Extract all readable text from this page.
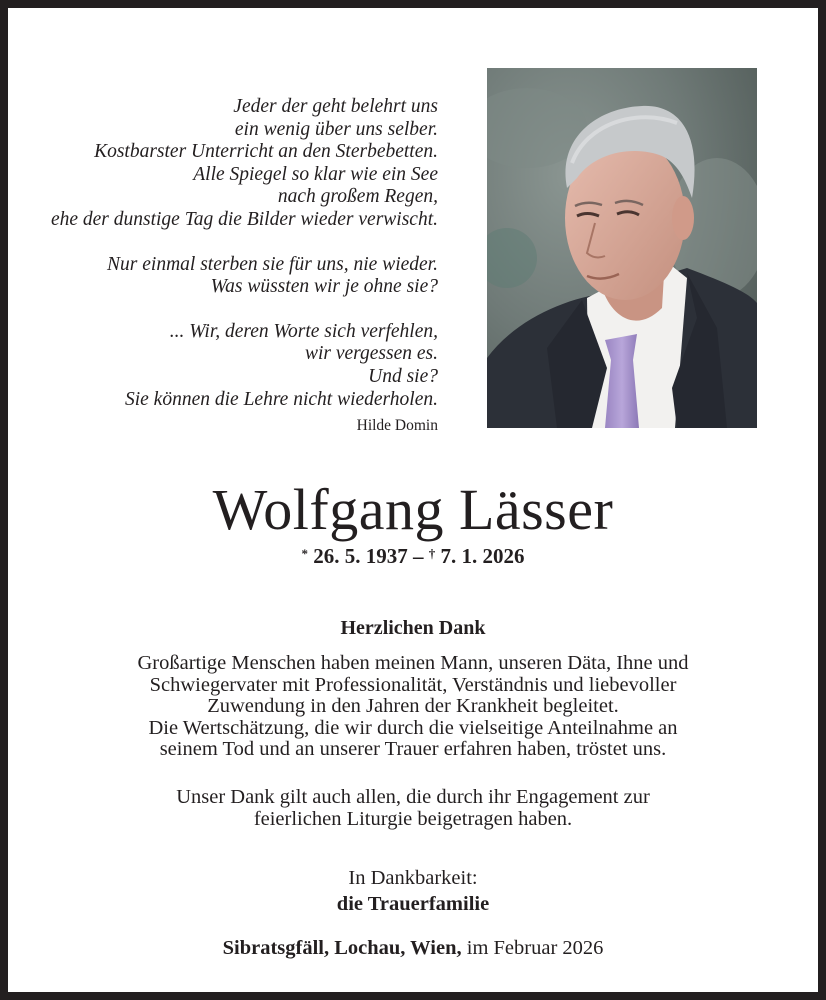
Jeder der geht belehrt uns
ein wenig über uns selber.
Kostbarster Unterricht an den Sterbebetten.
Alle Spiegel so klar wie ein See
nach großem Regen,
ehe der dunstige Tag die Bilder wieder verwischt.
Nur einmal sterben sie für uns, nie wieder.
Was wüssten wir je ohne sie?
... Wir, deren Worte sich verfehlen,
wir vergessen es.
Und sie?
Sie können die Lehre nicht wiederholen.
Hilde Domin
Wolfgang Lässer
* 26. 5. 1937 – † 7. 1. 2026
Herzlichen Dank
Großartige Menschen haben meinen Mann, unseren Däta, Ihne und
Schwiegervater mit Professionalität, Verständnis und liebevoller
Zuwendung in den Jahren der Krankheit begleitet.
Die Wertschätzung, die wir durch die vielseitige Anteilnahme an
seinem Tod und an unserer Trauer erfahren haben, tröstet uns.
Unser Dank gilt auch allen, die durch ihr Engagement zur
feierlichen Liturgie beigetragen haben.
In Dankbarkeit:
die Trauerfamilie
Sibratsgfäll, Lochau, Wien, im Februar 2026
